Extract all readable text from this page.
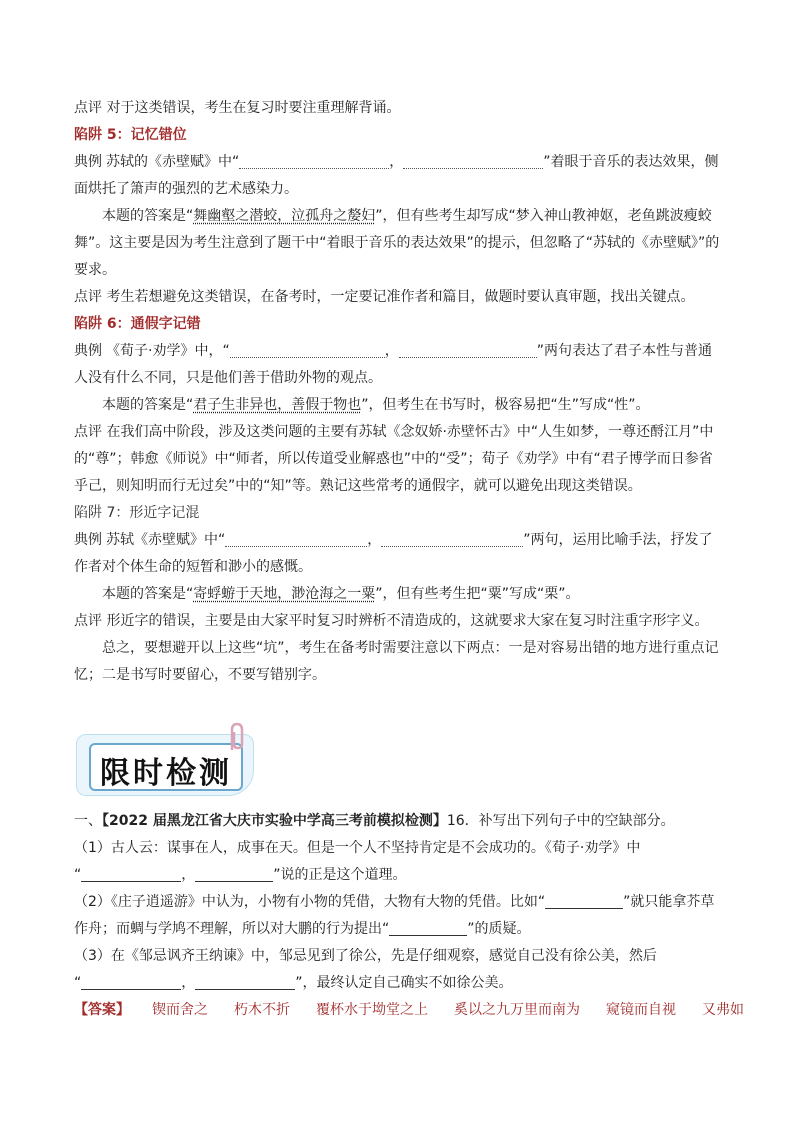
点评 对于这类错误，考生在复习时要注重理解背诵。

陷阱 5：记忆错位

典例 苏轼的《赤壁赋》中“	，	”着眼于音乐的表达效果，侧面烘托了箫声的强烈的艺术感染力。

本题的答案是“舞幽壑之潜蛟，泣孤舟之嫠妇”，但有些考生却写成“梦入神山教神妪，老鱼跳波瘦蛟舞”。这主要是因为考生注意到了题干中“着眼于音乐的表达效果”的提示，但忽略了“苏轼的《赤壁赋》”的要求。

点评 考生若想避免这类错误，在备考时，一定要记准作者和篇目，做题时要认真审题，找出关键点。

陷阱 6：通假字记错

典例 《荀子·劝学》中，“	，	”两句表达了君子本性与普通人没有什么不同，只是他们善于借助外物的观点。

本题的答案是“君子生非异也，善假于物也”，但考生在书写时，极容易把“生”写成“性”。

点评 在我们高中阶段，涉及这类问题的主要有苏轼《念奴娇·赤壁怀古》中“人生如梦，一尊还酹江月”中的“尊”；韩愈《师说》中“师者，所以传道受业解惑也”中的“受”；荀子《劝学》中有“君子博学而日参省乎己，则知明而行无过矣”中的“知”等。熟记这些常考的通假字，就可以避免出现这类错误。

陷阱 7：形近字记混

典例 苏轼《赤壁赋》中“	，	”两句，运用比喻手法，抒发了作者对个体生命的短暂和渺小的感慨。

本题的答案是“寄蜉蝣于天地，渺沧海之一粟”，但有些考生把“粟”写成“栗”。

点评 形近字的错误，主要是由大家平时复习时辨析不清造成的，这就要求大家在复习时注重字形字义。

总之，要想避开以上这些“坑”，考生在备考时需要注意以下两点：一是对容易出错的地方进行重点记忆；二是书写时要留心，不要写错别字。

限时检测

一、【2022 届黑龙江省大庆市实验中学高三考前模拟检测】16．补写出下列句子中的空缺部分。

（1）古人云：谋事在人，成事在天。但是一个人不坚持肯定是不会成功的。《荀子·劝学》中

“	，	”说的正是这个道理。

（2）《庄子逍遥游》中认为，小物有小物的凭借，大物有大物的凭借。比如“	”就只能拿芥草作舟；而蜩与学鸠不理解，所以对大鹏的行为提出“	”的质疑。

（3）在《邹忌讽齐王纳谏》中，邹忌见到了徐公，先是仔细观察，感觉自己没有徐公美，然后

“	，	”，最终认定自己确实不如徐公美。

【答案】 锲而舍之 朽木不折 覆杯水于坳堂之上 奚以之九万里而南为 窥镜而自视 又弗如
